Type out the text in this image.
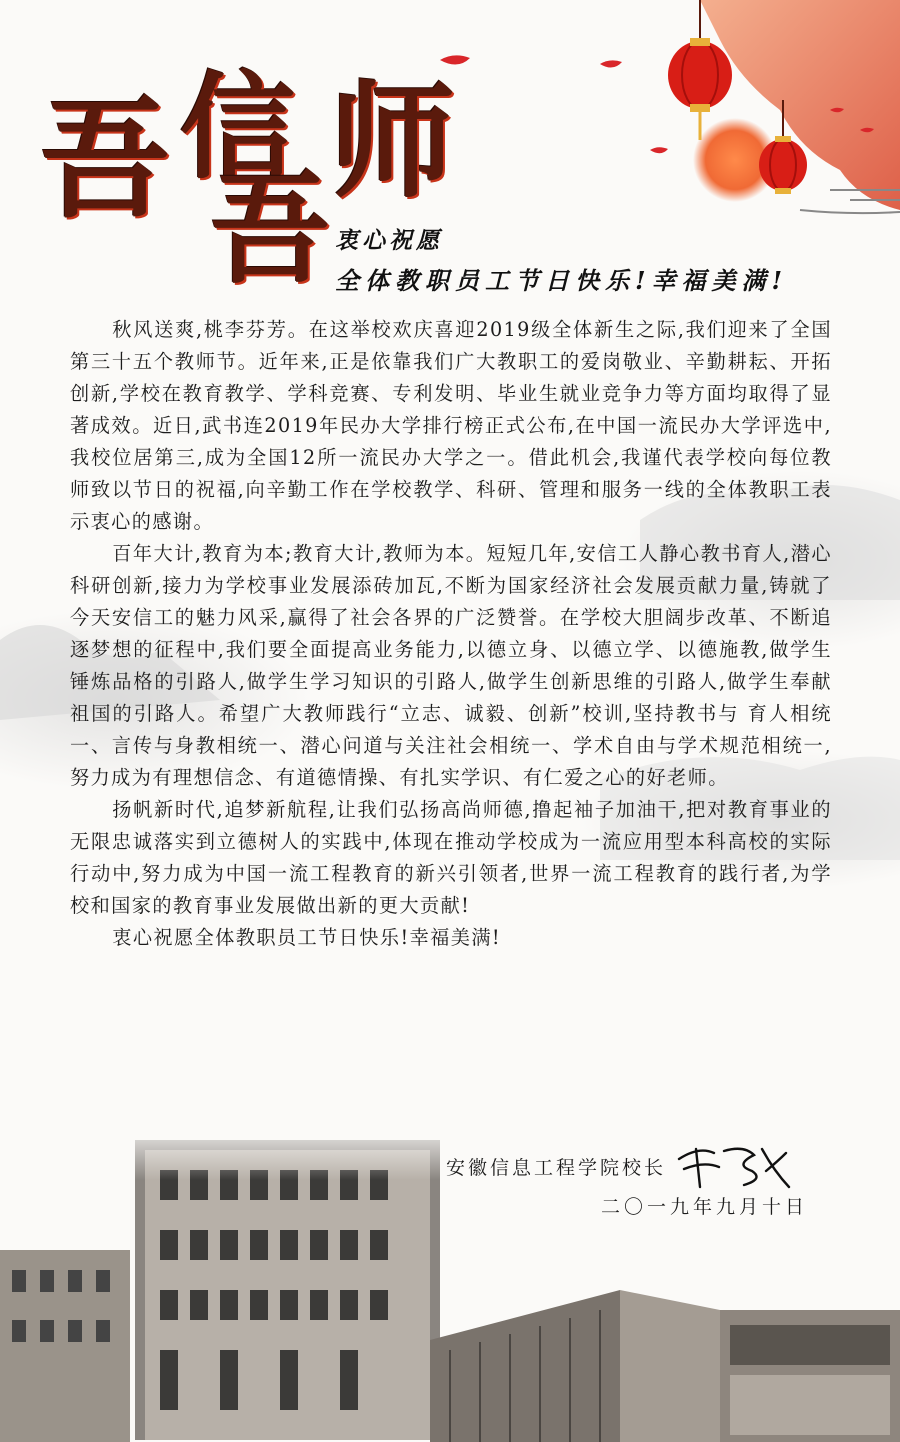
吾 信
吾
师
衷心祝愿
全体教职员工节日快乐!幸福美满!

秋风送爽,桃李芬芳。在这举校欢庆喜迎2019级全体新生之际,我们迎来了全国第三十五个教师节。近年来,正是依靠我们广大教职工的爱岗敬业、辛勤耕耘、开拓创新,学校在教育教学、学科竞赛、专利发明、毕业生就业竞争力等方面均取得了显著成效。近日,武书连2019年民办大学排行榜正式公布,在中国一流民办大学评选中,我校位居第三,成为全国12所一流民办大学之一。借此机会,我谨代表学校向每位教师致以节日的祝福,向辛勤工作在学校教学、科研、管理和服务一线的全体教职工表示衷心的感谢。

百年大计,教育为本;教育大计,教师为本。短短几年,安信工人静心教书育人,潜心科研创新,接力为学校事业发展添砖加瓦,不断为国家经济社会发展贡献力量,铸就了今天安信工的魅力风采,赢得了社会各界的广泛赞誉。在学校大胆阔步改革、不断追逐梦想的征程中,我们要全面提高业务能力,以德立身、以德立学、以德施教,做学生锤炼品格的引路人,做学生学习知识的引路人,做学生创新思维的引路人,做学生奉献祖国的引路人。希望广大教师践行“立志、诚毅、创新”校训,坚持教书与 育人相统一、言传与身教相统一、潜心问道与关注社会相统一、学术自由与学术规范相统一,努力成为有理想信念、有道德情操、有扎实学识、有仁爱之心的好老师。

扬帆新时代,追梦新航程,让我们弘扬高尚师德,撸起袖子加油干,把对教育事业的无限忠诚落实到立德树人的实践中,体现在推动学校成为一流应用型本科高校的实际行动中,努力成为中国一流工程教育的新兴引领者,世界一流工程教育的践行者,为学校和国家的教育事业发展做出新的更大贡献!

衷心祝愿全体教职员工节日快乐!幸福美满!

安徽信息工程学院校长
二〇一九年九月十日
